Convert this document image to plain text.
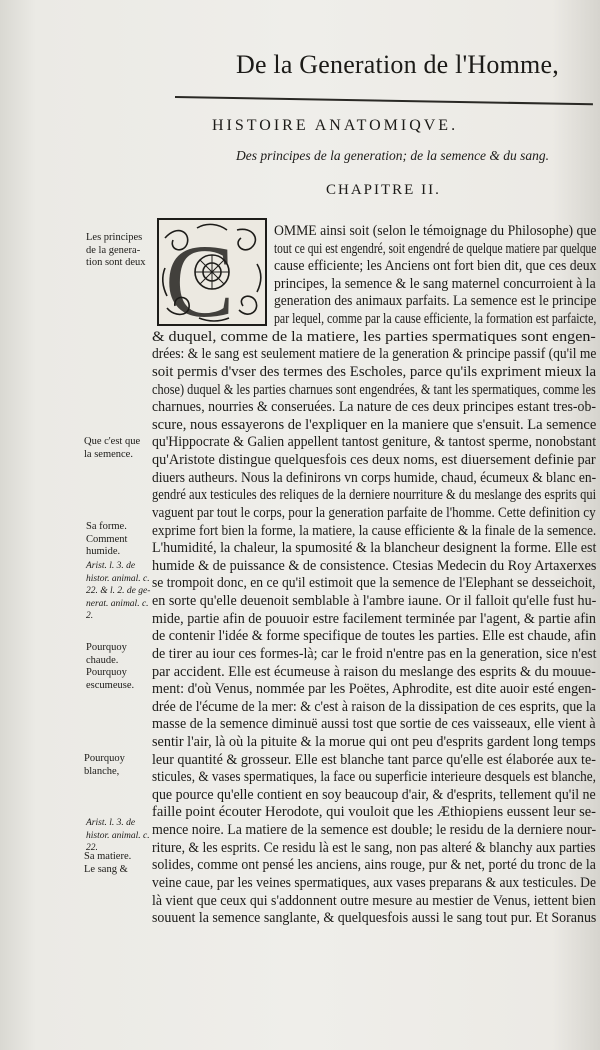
De la Generation de l'Homme,
HISTOIRE ANATOMIQVE.
Des principes de la generation; de la semence & du sang.
CHAPITRE II.
C
Les principes
de la genera-
tion sont deux
Que c'est que
la semence.
Sa forme.
Comment
humide.
Arist. l. 3. de
histor. animal. c.
22. & l. 2. de ge-
nerat. animal. c.
2.
Pourquoy
chaude.
Pourquoy
escumeuse.
Pourquoy
blanche,
Arist. l. 3. de
histor. animal. c.
22.
Sa matiere.
Le sang &
OMME ainsi soit (selon le témoignage du Philosophe) que
tout ce qui est engendré, soit engendré de quelque matiere par quelque
cause efficiente; les Anciens ont fort bien dit, que ces deux
principes, la semence & le sang maternel concurroient à la
generation des animaux parfaits. La semence est le principe
par lequel, comme par la cause efficiente, la formation est parfaicte,
& duquel, comme de la matiere, les parties spermatiques sont engen-
drées: & le sang est seulement matiere de la generation & principe passif (qu'il me
soit permis d'vser des termes des Escholes, parce qu'ils expriment mieux la
chose) duquel & les parties charnues sont engendrées, & tant les spermatiques, comme les
charnues, nourries & conseruées. La nature de ces deux principes estant tres-ob-
scure, nous essayerons de l'expliquer en la maniere que s'ensuit. La semence
qu'Hippocrate & Galien appellent tantost geniture, & tantost sperme, nonobstant
qu'Aristote distingue quelquesfois ces deux noms, est diuersement definie par
diuers autheurs. Nous la definirons vn corps humide, chaud, écumeux & blanc en-
gendré aux testicules des reliques de la derniere nourriture & du meslange des esprits qui
vaguent par tout le corps, pour la generation parfaite de l'homme. Cette definition cy
exprime fort bien la forme, la matiere, la cause efficiente & la finale de la semence.
L'humidité, la chaleur, la spumosité & la blancheur designent la forme. Elle est
humide & de puissance & de consistence. Ctesias Medecin du Roy Artaxerxes
se trompoit donc, en ce qu'il estimoit que la semence de l'Elephant se desseichoit,
en sorte qu'elle deuenoit semblable à l'ambre iaune. Or il falloit qu'elle fust hu-
mide, partie afin de pouuoir estre facilement terminée par l'agent, & partie afin
de contenir l'idée & forme specifique de toutes les parties. Elle est chaude, afin
de tirer au iour ces formes-là; car le froid n'entre pas en la generation, sice n'est
par accident. Elle est écumeuse à raison du meslange des esprits & du mouue-
ment: d'où Venus, nommée par les Poëtes, Aphrodite, est dite auoir esté engen-
drée de l'écume de la mer: & c'est à raison de la dissipation de ces esprits, que la
masse de la semence diminuë aussi tost que sortie de ces vaisseaux, elle vient à
sentir l'air, là où la pituite & la morue qui ont peu d'esprits gardent long temps
leur quantité & grosseur. Elle est blanche tant parce qu'elle est élaborée aux te-
sticules, & vases spermatiques, la face ou superficie interieure desquels est blanche,
que pource qu'elle contient en soy beaucoup d'air, & d'esprits, tellement qu'il ne
faille point écouter Herodote, qui vouloit que les Æthiopiens eussent leur se-
mence noire. La matiere de la semence est double; le residu de la derniere nour-
riture, & les esprits. Ce residu là est le sang, non pas alteré & blanchy aux parties
solides, comme ont pensé les anciens, ains rouge, pur & net, porté du tronc de la
veine caue, par les veines spermatiques, aux vases preparans & aux testicules. De
là vient que ceux qui s'addonnent outre mesure au mestier de Venus, iettent bien
souuent la semence sanglante, & quelquesfois aussi le sang tout pur. Et Soranus
